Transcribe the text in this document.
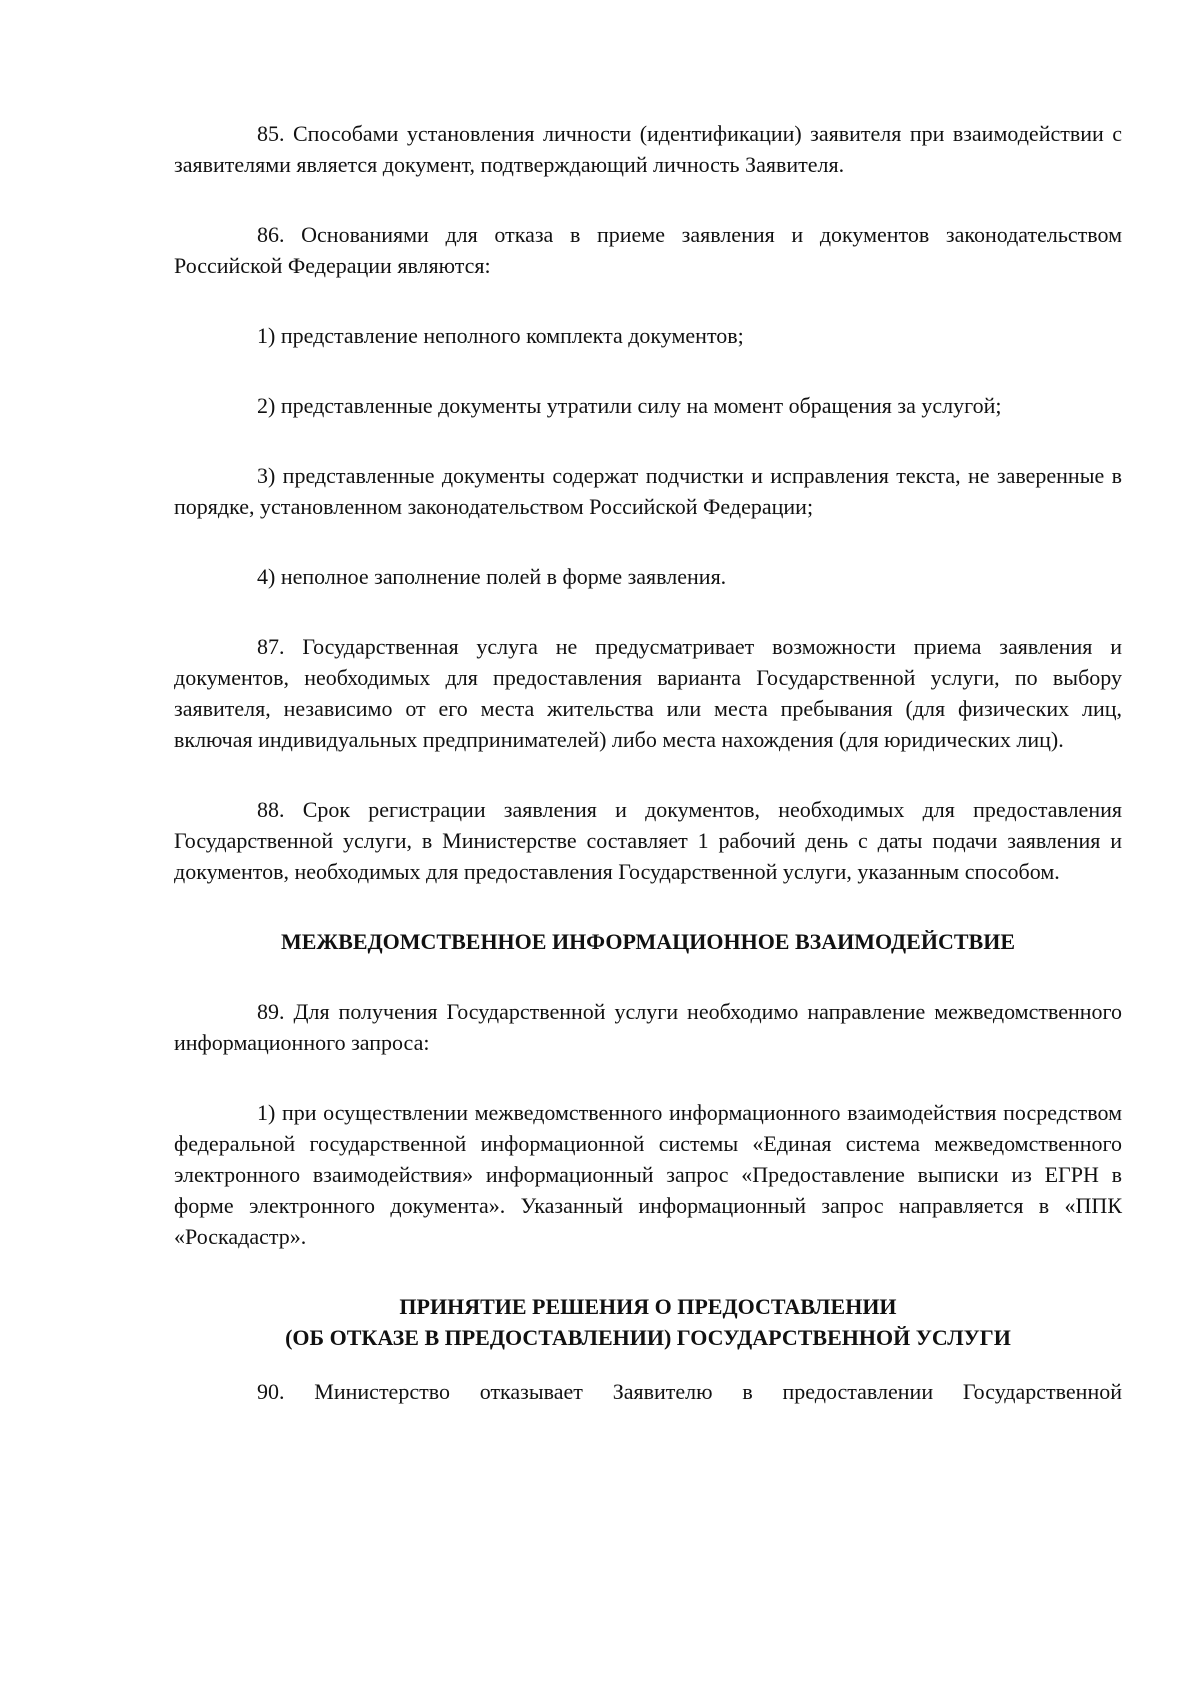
85. Способами установления личности (идентификации) заявителя при взаимодействии с заявителями является документ, подтверждающий личность Заявителя.

86. Основаниями для отказа в приеме заявления и документов законодательством Российской Федерации являются:

1) представление неполного комплекта документов;

2) представленные документы утратили силу на момент обращения за услугой;

3) представленные документы содержат подчистки и исправления текста, не заверенные в порядке, установленном законодательством Российской Федерации;

4) неполное заполнение полей в форме заявления.

87. Государственная услуга не предусматривает возможности приема заявления и документов, необходимых для предоставления варианта Государственной услуги, по выбору заявителя, независимо от его места жительства или места пребывания (для физических лиц, включая индивидуальных предпринимателей) либо места нахождения (для юридических лиц).

88. Срок регистрации заявления и документов, необходимых для предоставления Государственной услуги, в Министерстве составляет 1 рабочий день с даты подачи заявления и документов, необходимых для предоставления Государственной услуги, указанным способом.

МЕЖВЕДОМСТВЕННОЕ ИНФОРМАЦИОННОЕ ВЗАИМОДЕЙСТВИЕ

89. Для получения Государственной услуги необходимо направление межведомственного информационного запроса:

1) при осуществлении межведомственного информационного взаимодействия посредством федеральной государственной информационной системы «Единая система межведомственного электронного взаимодействия» информационный запрос «Предоставление выписки из ЕГРН в форме электронного документа». Указанный информационный запрос направляется в «ППК «Роскадастр».

ПРИНЯТИЕ РЕШЕНИЯ О ПРЕДОСТАВЛЕНИИ

(ОБ ОТКАЗЕ В ПРЕДОСТАВЛЕНИИ) ГОСУДАРСТВЕННОЙ УСЛУГИ

90. Министерство отказывает Заявителю в предоставлении Государственной
